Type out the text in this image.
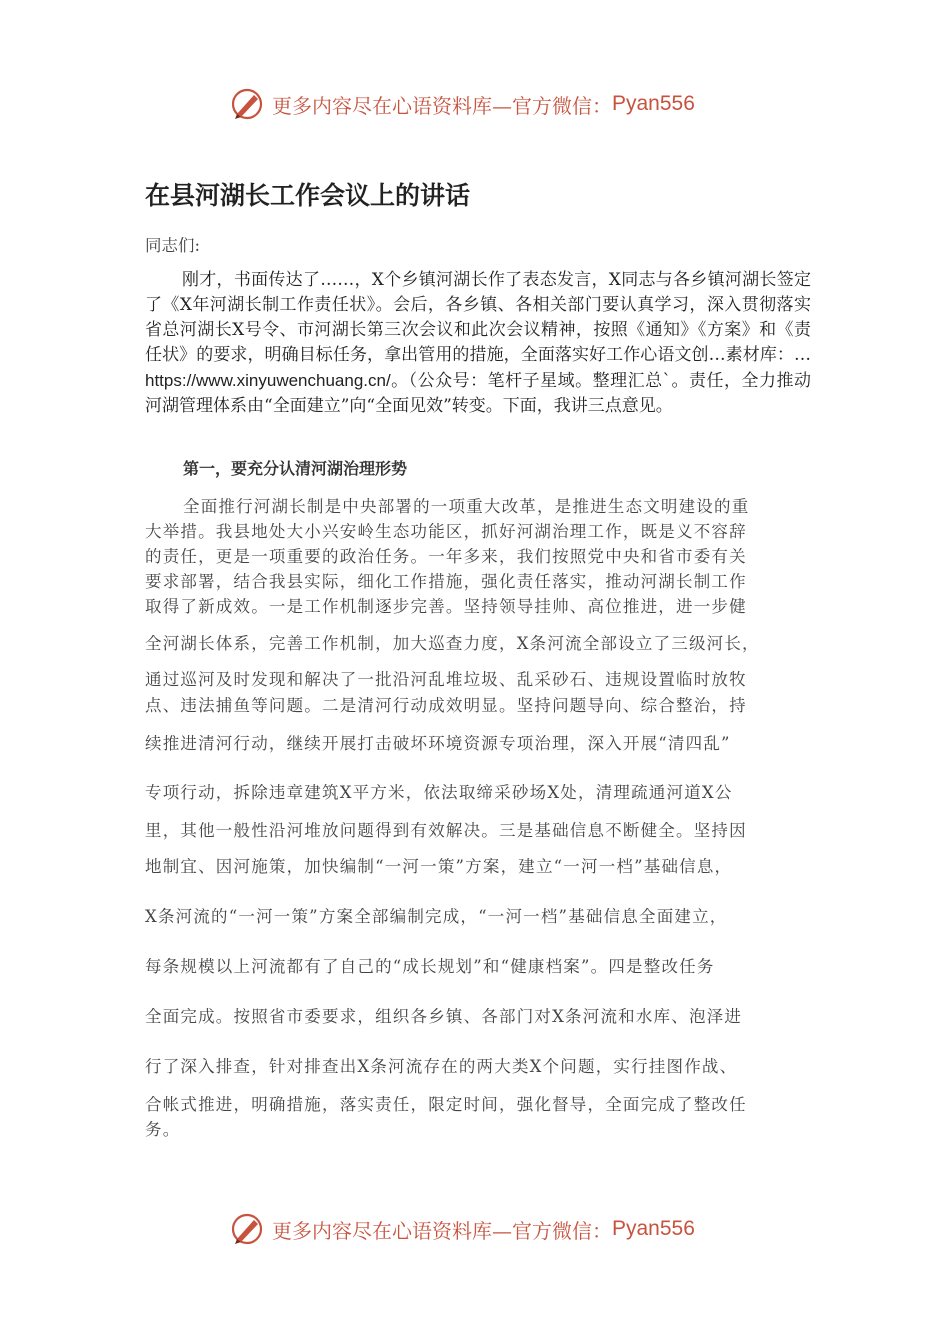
更多内容尽在心语资料库—官方微信： Pyan556
在县河湖长工作会议上的讲话
同志们:
刚才，书面传达了……，X个乡镇河湖长作了表态发言，X同志与各乡镇河湖长签定了《X年河湖长制工作责任状》。会后，各乡镇、各相关部门要认真学习，深入贯彻落实省总河湖长X号令、市河湖长第三次会议和此次会议精神，按照《通知》《方案》和《责任状》的要求，明确目标任务，拿出管用的措施，全面落实好工作心语文创…素材库：…https://www.xinyuwenchuang.cn/。（公众号：笔杆子星域。整理汇总`。责任，全力推动河湖管理体系由“全面建立”向“全面见效”转变。下面，我讲三点意见。
第一，要充分认清河湖治理形势
全面推行河湖长制是中央部署的一项重大改革，是推进生态文明建设的重
大举措。我县地处大小兴安岭生态功能区，抓好河湖治理工作，既是义不容辞
的责任，更是一项重要的政治任务。一年多来，我们按照党中央和省市委有关
要求部署，结合我县实际，细化工作措施，强化责任落实，推动河湖长制工作
取得了新成效。一是工作机制逐步完善。坚持领导挂帅、高位推进，进一步健
全河湖长体系，完善工作机制，加大巡查力度，X条河流全部设立了三级河长，
通过巡河及时发现和解决了一批沿河乱堆垃圾、乱采砂石、违规设置临时放牧
点、违法捕鱼等问题。二是清河行动成效明显。坚持问题导向、综合整治，持
续推进清河行动，继续开展打击破坏环境资源专项治理，深入开展“清四乱”
专项行动，拆除违章建筑X平方米，依法取缔采砂场X处，清理疏通河道X公
里，其他一般性沿河堆放问题得到有效解决。三是基础信息不断健全。坚持因
地制宜、因河施策，加快编制“一河一策”方案，建立“一河一档”基础信息，
X条河流的“一河一策”方案全部编制完成，“一河一档”基础信息全面建立，
每条规模以上河流都有了自己的“成长规划”和“健康档案”。四是整改任务
全面完成。按照省市委要求，组织各乡镇、各部门对X条河流和水库、泡泽进
行了深入排查，针对排查出X条河流存在的两大类X个问题，实行挂图作战、
合帐式推进，明确措施，落实责任，限定时间，强化督导，全面完成了整改任
务。
更多内容尽在心语资料库—官方微信： Pyan556
